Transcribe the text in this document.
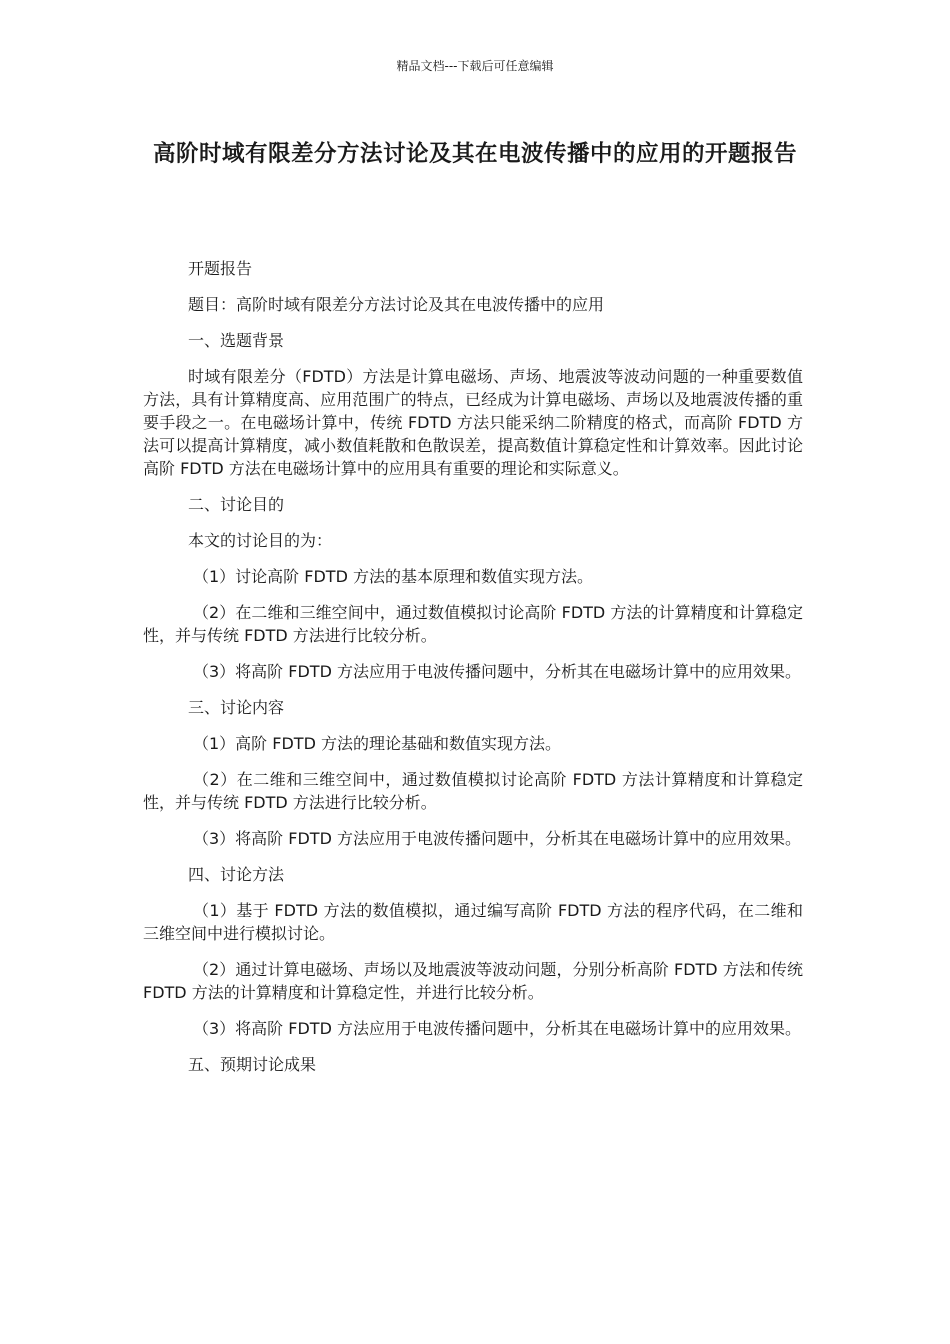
精品文档---下载后可任意编辑
高阶时域有限差分方法讨论及其在电波传播中的应用的开题报告

开题报告

题目：高阶时域有限差分方法讨论及其在电波传播中的应用

一、选题背景

时域有限差分（FDTD）方法是计算电磁场、声场、地震波等波动问题的一种重要数值方法，具有计算精度高、应用范围广的特点，已经成为计算电磁场、声场以及地震波传播的重要手段之一。在电磁场计算中，传统 FDTD 方法只能采纳二阶精度的格式，而高阶 FDTD 方法可以提高计算精度，减小数值耗散和色散误差，提高数值计算稳定性和计算效率。因此讨论高阶 FDTD 方法在电磁场计算中的应用具有重要的理论和实际意义。

二、讨论目的

本文的讨论目的为：

（1）讨论高阶 FDTD 方法的基本原理和数值实现方法。

（2）在二维和三维空间中，通过数值模拟讨论高阶 FDTD 方法的计算精度和计算稳定性，并与传统 FDTD 方法进行比较分析。

（3）将高阶 FDTD 方法应用于电波传播问题中，分析其在电磁场计算中的应用效果。

三、讨论内容

（1）高阶 FDTD 方法的理论基础和数值实现方法。

（2）在二维和三维空间中，通过数值模拟讨论高阶 FDTD 方法计算精度和计算稳定性，并与传统 FDTD 方法进行比较分析。

（3）将高阶 FDTD 方法应用于电波传播问题中，分析其在电磁场计算中的应用效果。

四、讨论方法

（1）基于 FDTD 方法的数值模拟，通过编写高阶 FDTD 方法的程序代码，在二维和三维空间中进行模拟讨论。

（2）通过计算电磁场、声场以及地震波等波动问题，分别分析高阶 FDTD 方法和传统 FDTD 方法的计算精度和计算稳定性，并进行比较分析。

（3）将高阶 FDTD 方法应用于电波传播问题中，分析其在电磁场计算中的应用效果。

五、预期讨论成果
